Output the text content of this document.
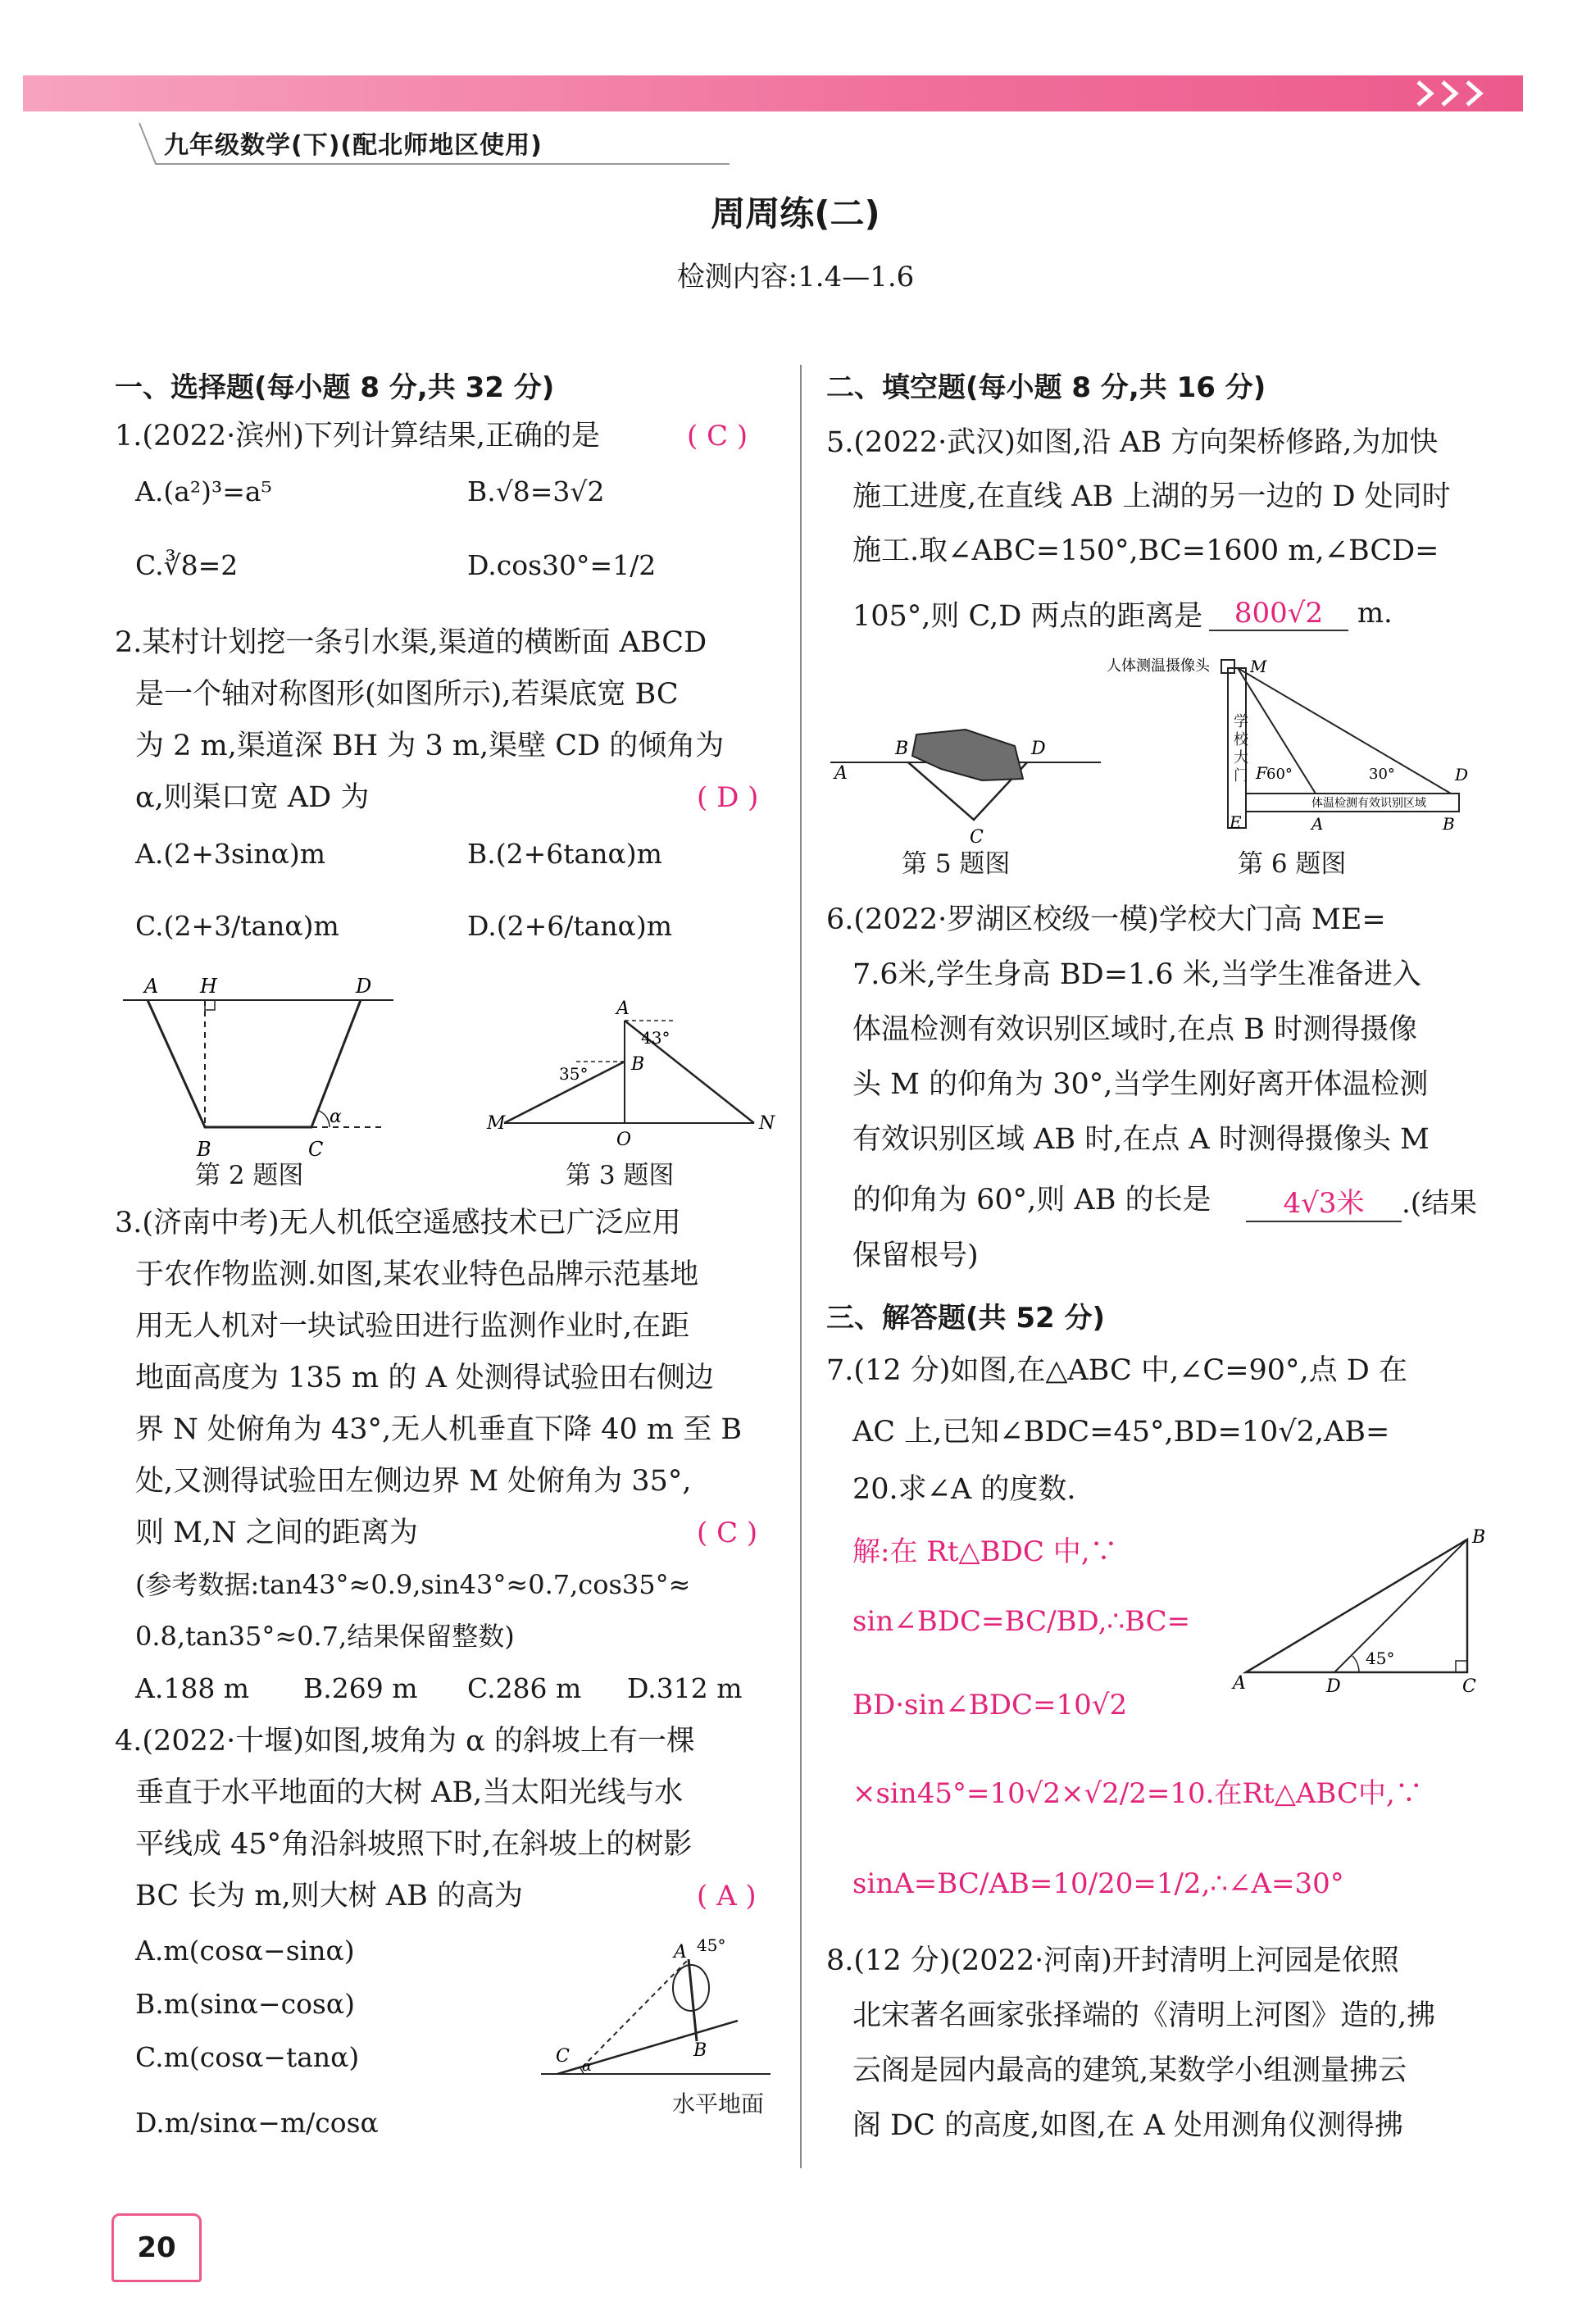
九年级数学(下)(配北师地区使用)
周周练(二)
检测内容:1.4—1.6
一、选择题(每小题 8 分,共 32 分)
1.(2022·滨州)下列计算结果,正确的是	( C )
A.(a²)³=a⁵	B.√8=3√2
C.∛8=2	D.cos30°=1/2
2.某村计划挖一条引水渠,渠道的横断面 ABCD
是一个轴对称图形(如图所示),若渠底宽 BC
为 2 m,渠道深 BH 为 3 m,渠壁 CD 的倾角为
α,则渠口宽 AD 为	( D )
A.(2+3sinα)m	B.(2+6tanα)m
C.(2+3/tanα)m	D.(2+6/tanα)m
A H	D
B	C
α
第 2 题图
A
B
43°
35°
M
O
N
第 3 题图
3.(济南中考)无人机低空遥感技术已广泛应用
于农作物监测.如图,某农业特色品牌示范基地
用无人机对一块试验田进行监测作业时,在距
地面高度为 135 m 的 A 处测得试验田右侧边
界 N 处俯角为 43°,无人机垂直下降 40 m 至 B
处,又测得试验田左侧边界 M 处俯角为 35°,
则 M,N 之间的距离为	( C )
(参考数据:tan43°≈0.9,sin43°≈0.7,cos35°≈
0.8,tan35°≈0.7,结果保留整数)
A.188 m B.269 m C.286 m D.312 m
4.(2022·十堰)如图,坡角为 α 的斜坡上有一棵
垂直于水平地面的大树 AB,当太阳光线与水
平线成 45°角沿斜坡照下时,在斜坡上的树影
BC 长为 m,则大树 AB 的高为	( A )
A.m(cosα−sinα)
B.m(sinα−cosα)
C.m(cosα−tanα)
D.m/sinα−m/cosα
A 45°
B
C α
水平地面
二、填空题(每小题 8 分,共 16 分)
5.(2022·武汉)如图,沿 AB 方向架桥修路,为加快
施工进度,在直线 AB 上湖的另一边的 D 处同时
施工.取∠ABC=150°,BC=1600 m,∠BCD=
105°,则 C,D 两点的距离是	800√2 m.
A
B	D
C
第 5 题图
人体测温摄像头 M
F 60°	30°	D
E	A	B
体温检测有效识别区域
学校大门
第 6 题图
6.(2022·罗湖区校级一模)学校大门高 ME=
7.6米,学生身高 BD=1.6 米,当学生准备进入
体温检测有效识别区域时,在点 B 时测得摄像
头 M 的仰角为 30°,当学生刚好离开体温检测
有效识别区域 AB 时,在点 A 时测得摄像头 M
的仰角为 60°,则 AB 的长是	4√3米 .(结果
保留根号)
三、解答题(共 52 分)
7.(12 分)如图,在△ABC 中,∠C=90°,点 D 在
AC 上,已知∠BDC=45°,BD=10√2,AB=
20.求∠A 的度数.
解:在 Rt△BDC 中,∵
sin∠BDC=BC/BD,∴BC=
BD·sin∠BDC=10√2
×sin45°=10√2×√2/2=10.在Rt△ABC中,∵
sinA=BC/AB=10/20=1/2,∴∠A=30°
45°
A	D	C
B
8.(12 分)(2022·河南)开封清明上河园是依照
北宋著名画家张择端的《清明上河图》造的,拂
云阁是园内最高的建筑,某数学小组测量拂云
阁 DC 的高度,如图,在 A 处用测角仪测得拂
20
